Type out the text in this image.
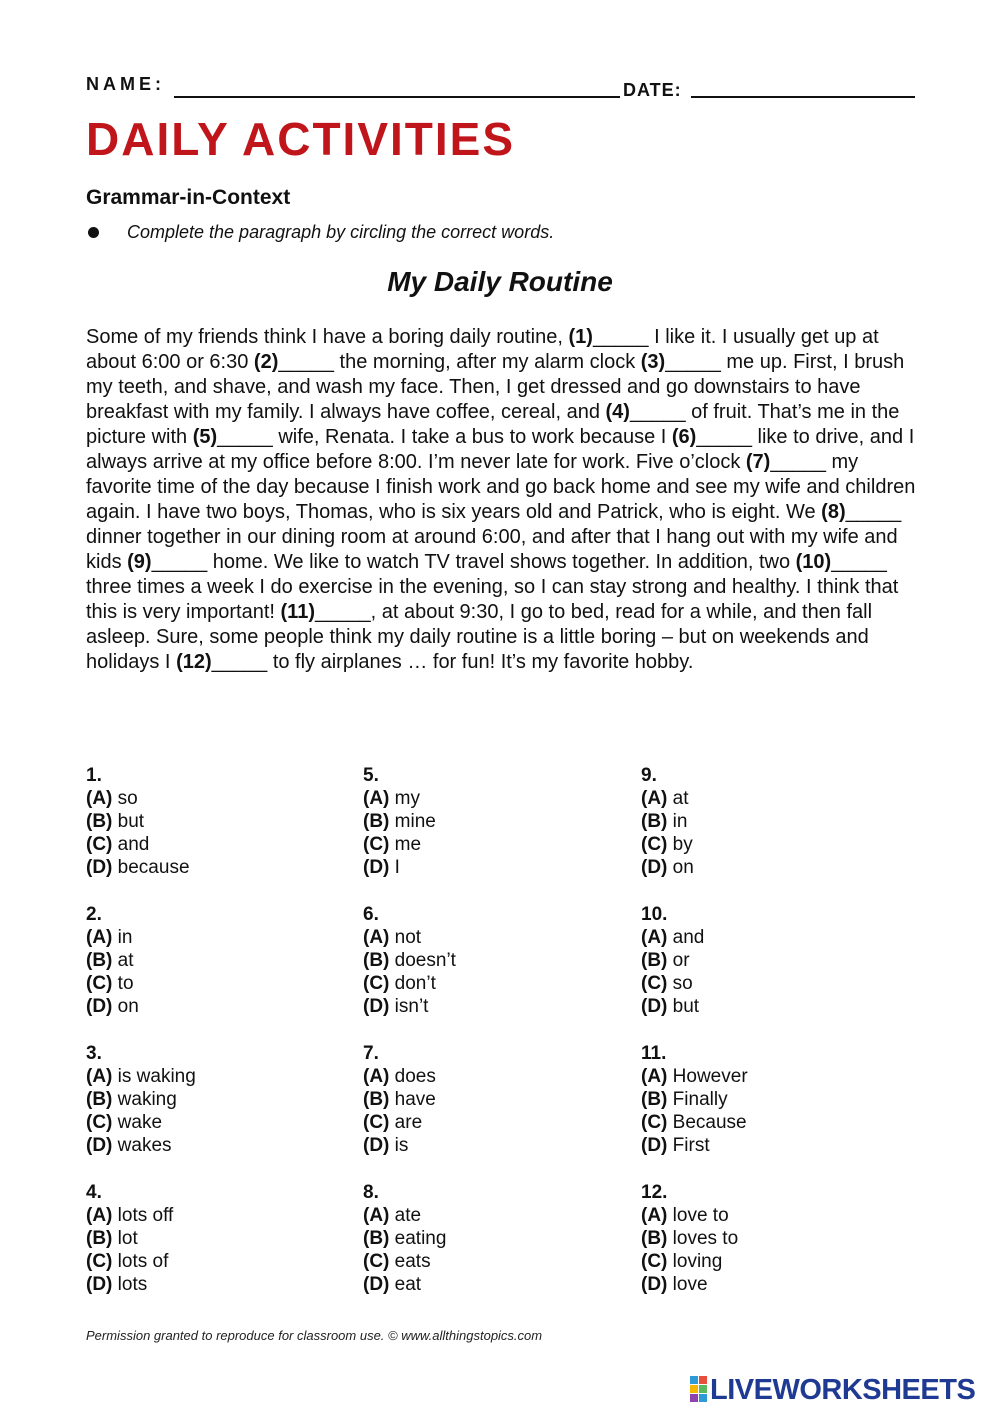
NAME:	DATE:
DAILY ACTIVITIES
Grammar-in-Context
Complete the paragraph by circling the correct words.
My Daily Routine
Some of my friends think I have a boring daily routine, (1)_____ I like it. I usually get up at about 6:00 or 6:30 (2)_____ the morning, after my alarm clock (3)_____ me up. First, I brush my teeth, and shave, and wash my face. Then, I get dressed and go downstairs to have breakfast with my family. I always have coffee, cereal, and (4)_____ of fruit. That’s me in the picture with (5)_____ wife, Renata. I take a bus to work because I (6)_____ like to drive, and I always arrive at my office before 8:00. I’m never late for work. Five o’clock (7)_____ my favorite time of the day because I finish work and go back home and see my wife and children again. I have two boys, Thomas, who is six years old and Patrick, who is eight. We (8)_____ dinner together in our dining room at around 6:00, and after that I hang out with my wife and kids (9)_____ home. We like to watch TV travel shows together. In addition, two (10)_____ three times a week I do exercise in the evening, so I can stay strong and healthy. I think that this is very important! (11)_____, at about 9:30, I go to bed, read for a while, and then fall asleep. Sure, some people think my daily routine is a little boring – but on weekends and holidays I (12)_____ to fly airplanes … for fun! It’s my favorite hobby.
1.
(A) so
(B) but
(C) and
(D) because
2.
(A) in
(B) at
(C) to
(D) on
3.
(A) is waking
(B) waking
(C) wake
(D) wakes
4.
(A) lots off
(B) lot
(C) lots of
(D) lots
5.
(A) my
(B) mine
(C) me
(D) I
6.
(A) not
(B) doesn’t
(C) don’t
(D) isn’t
7.
(A) does
(B) have
(C) are
(D) is
8.
(A) ate
(B) eating
(C) eats
(D) eat
9.
(A) at
(B) in
(C) by
(D) on
10.
(A) and
(B) or
(C) so
(D) but
11.
(A) However
(B) Finally
(C) Because
(D) First
12.
(A) love to
(B) loves to
(C) loving
(D) love
Permission granted to reproduce for classroom use. © www.allthingstopics.com
LIVEWORKSHEETS
